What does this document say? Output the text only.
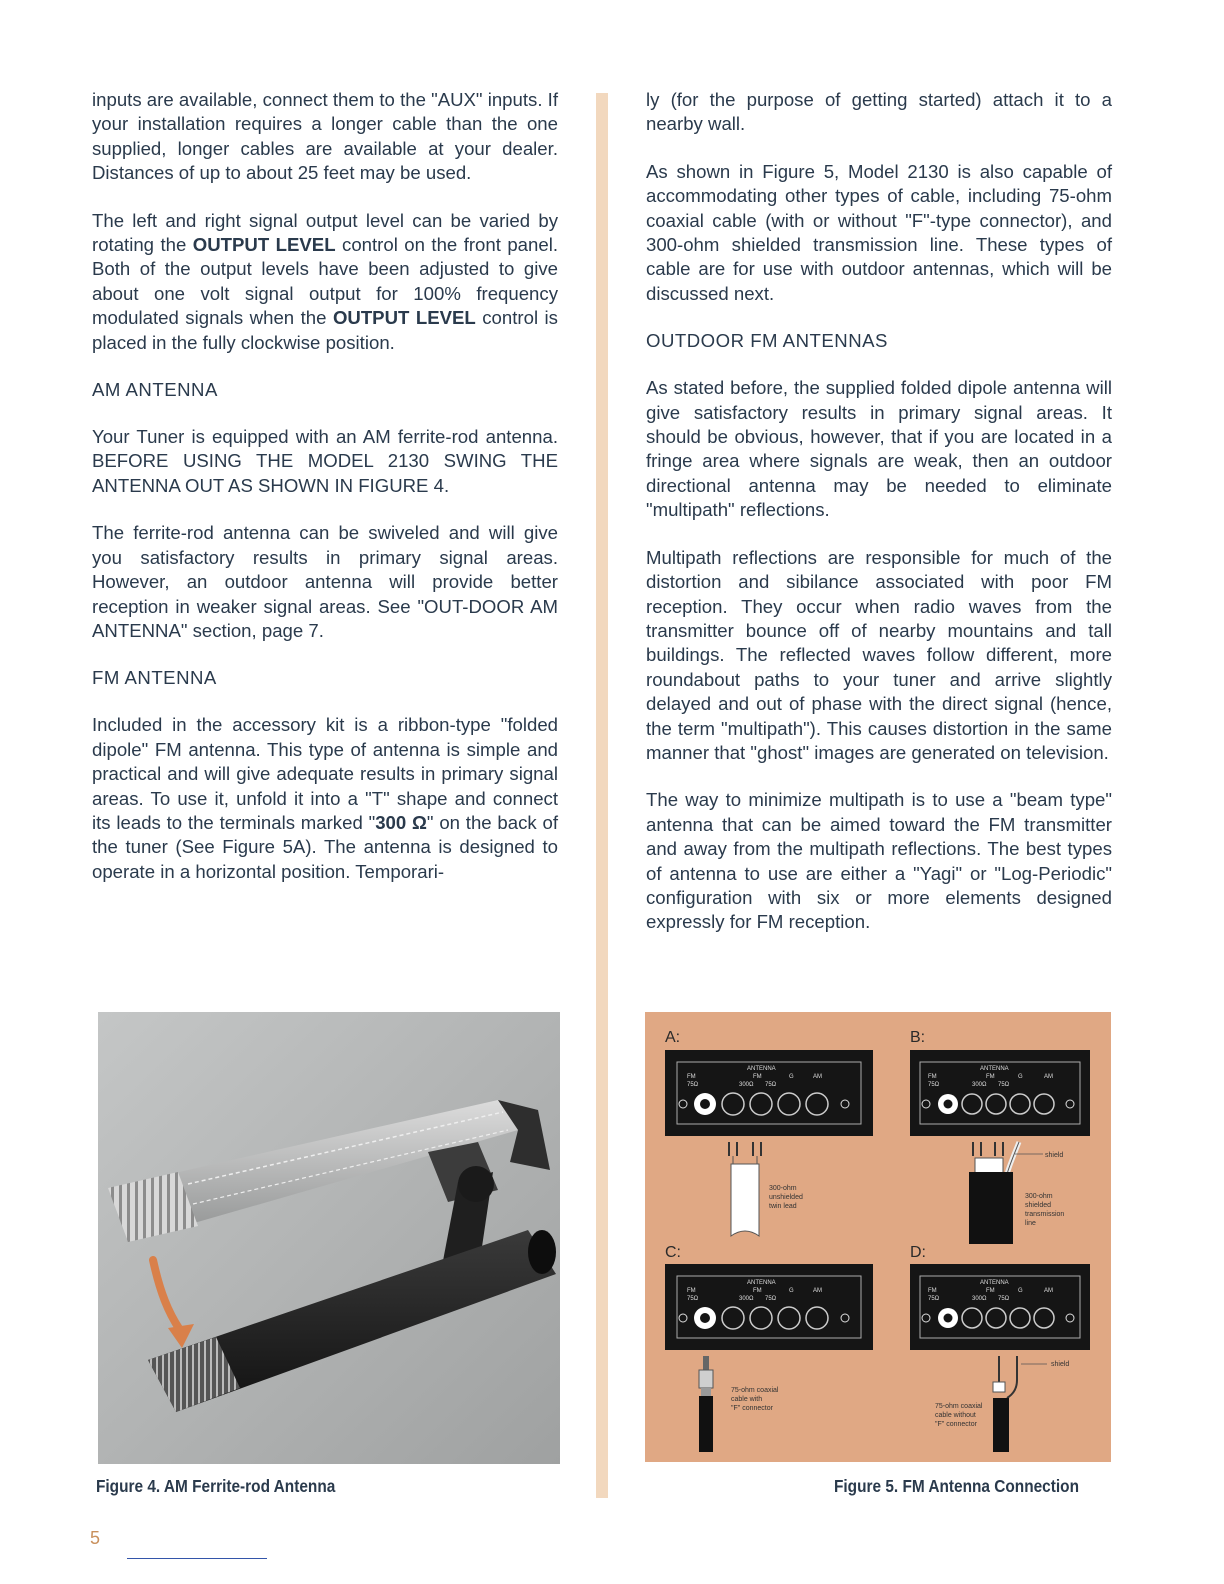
inputs are available, connect them to the "AUX" inputs. If your installation requires a longer cable than the one supplied, longer cables are available at your dealer. Distances of up to about 25 feet may be used.

The left and right signal output level can be varied by rotating the OUTPUT LEVEL control on the front panel. Both of the output levels have been adjusted to give about one volt signal output for 100% frequency modulated signals when the OUTPUT LEVEL control is placed in the fully clockwise position.

AM ANTENNA

Your Tuner is equipped with an AM ferrite-rod antenna. BEFORE USING THE MODEL 2130 SWING THE ANTENNA OUT AS SHOWN IN FIGURE 4.

The ferrite-rod antenna can be swiveled and will give you satisfactory results in primary signal areas. However, an outdoor antenna will provide better reception in weaker signal areas. See "OUT-DOOR AM ANTENNA" section, page 7.

FM ANTENNA

Included in the accessory kit is a ribbon-type "folded dipole" FM antenna. This type of antenna is simple and practical and will give adequate results in primary signal areas. To use it, unfold it into a "T" shape and connect its leads to the terminals marked "300 Ω" on the back of the tuner (See Figure 5A). The antenna is designed to operate in a horizontal position. Temporari-

ly (for the purpose of getting started) attach it to a nearby wall.

As shown in Figure 5, Model 2130 is also capable of accommodating other types of cable, including 75-ohm coaxial cable (with or without "F"-type connector), and 300-ohm shielded transmission line. These types of cable are for use with outdoor antennas, which will be discussed next.

OUTDOOR FM ANTENNAS

As stated before, the supplied folded dipole antenna will give satisfactory results in primary signal areas. It should be obvious, however, that if you are located in a fringe area where signals are weak, then an outdoor directional antenna may be needed to eliminate "multipath" reflections.

Multipath reflections are responsible for much of the distortion and sibilance associated with poor FM reception. They occur when radio waves from the transmitter bounce off of nearby mountains and tall buildings. The reflected waves follow different, more roundabout paths to your tuner and arrive slightly delayed and out of phase with the direct signal (hence, the term "multipath"). This causes distortion in the same manner that "ghost" images are generated on television.

The way to minimize multipath is to use a "beam type" antenna that can be aimed toward the FM transmitter and away from the multipath reflections. The best types of antenna to use are either a "Yagi" or "Log-Periodic" configuration with six or more elements designed expressly for FM reception.

A:	B:
C:	D:
ANTENNA
FM
75Ω
FM
300Ω 75Ω
G	AM
300-ohm unshielded twin lead
ANTENNA
FM
75Ω
FM
300Ω 75Ω
G	AM
shield
300-ohm shielded transmission line
ANTENNA
FM
75Ω
FM
300Ω 75Ω
G	AM
75-ohm coaxial cable with "F" connector
ANTENNA
FM
75Ω
FM
300Ω 75Ω
G	AM
shield
75-ohm coaxial cable without "F" connector
Figure 4. AM Ferrite-rod Antenna	Figure 5. FM Antenna Connection
5
